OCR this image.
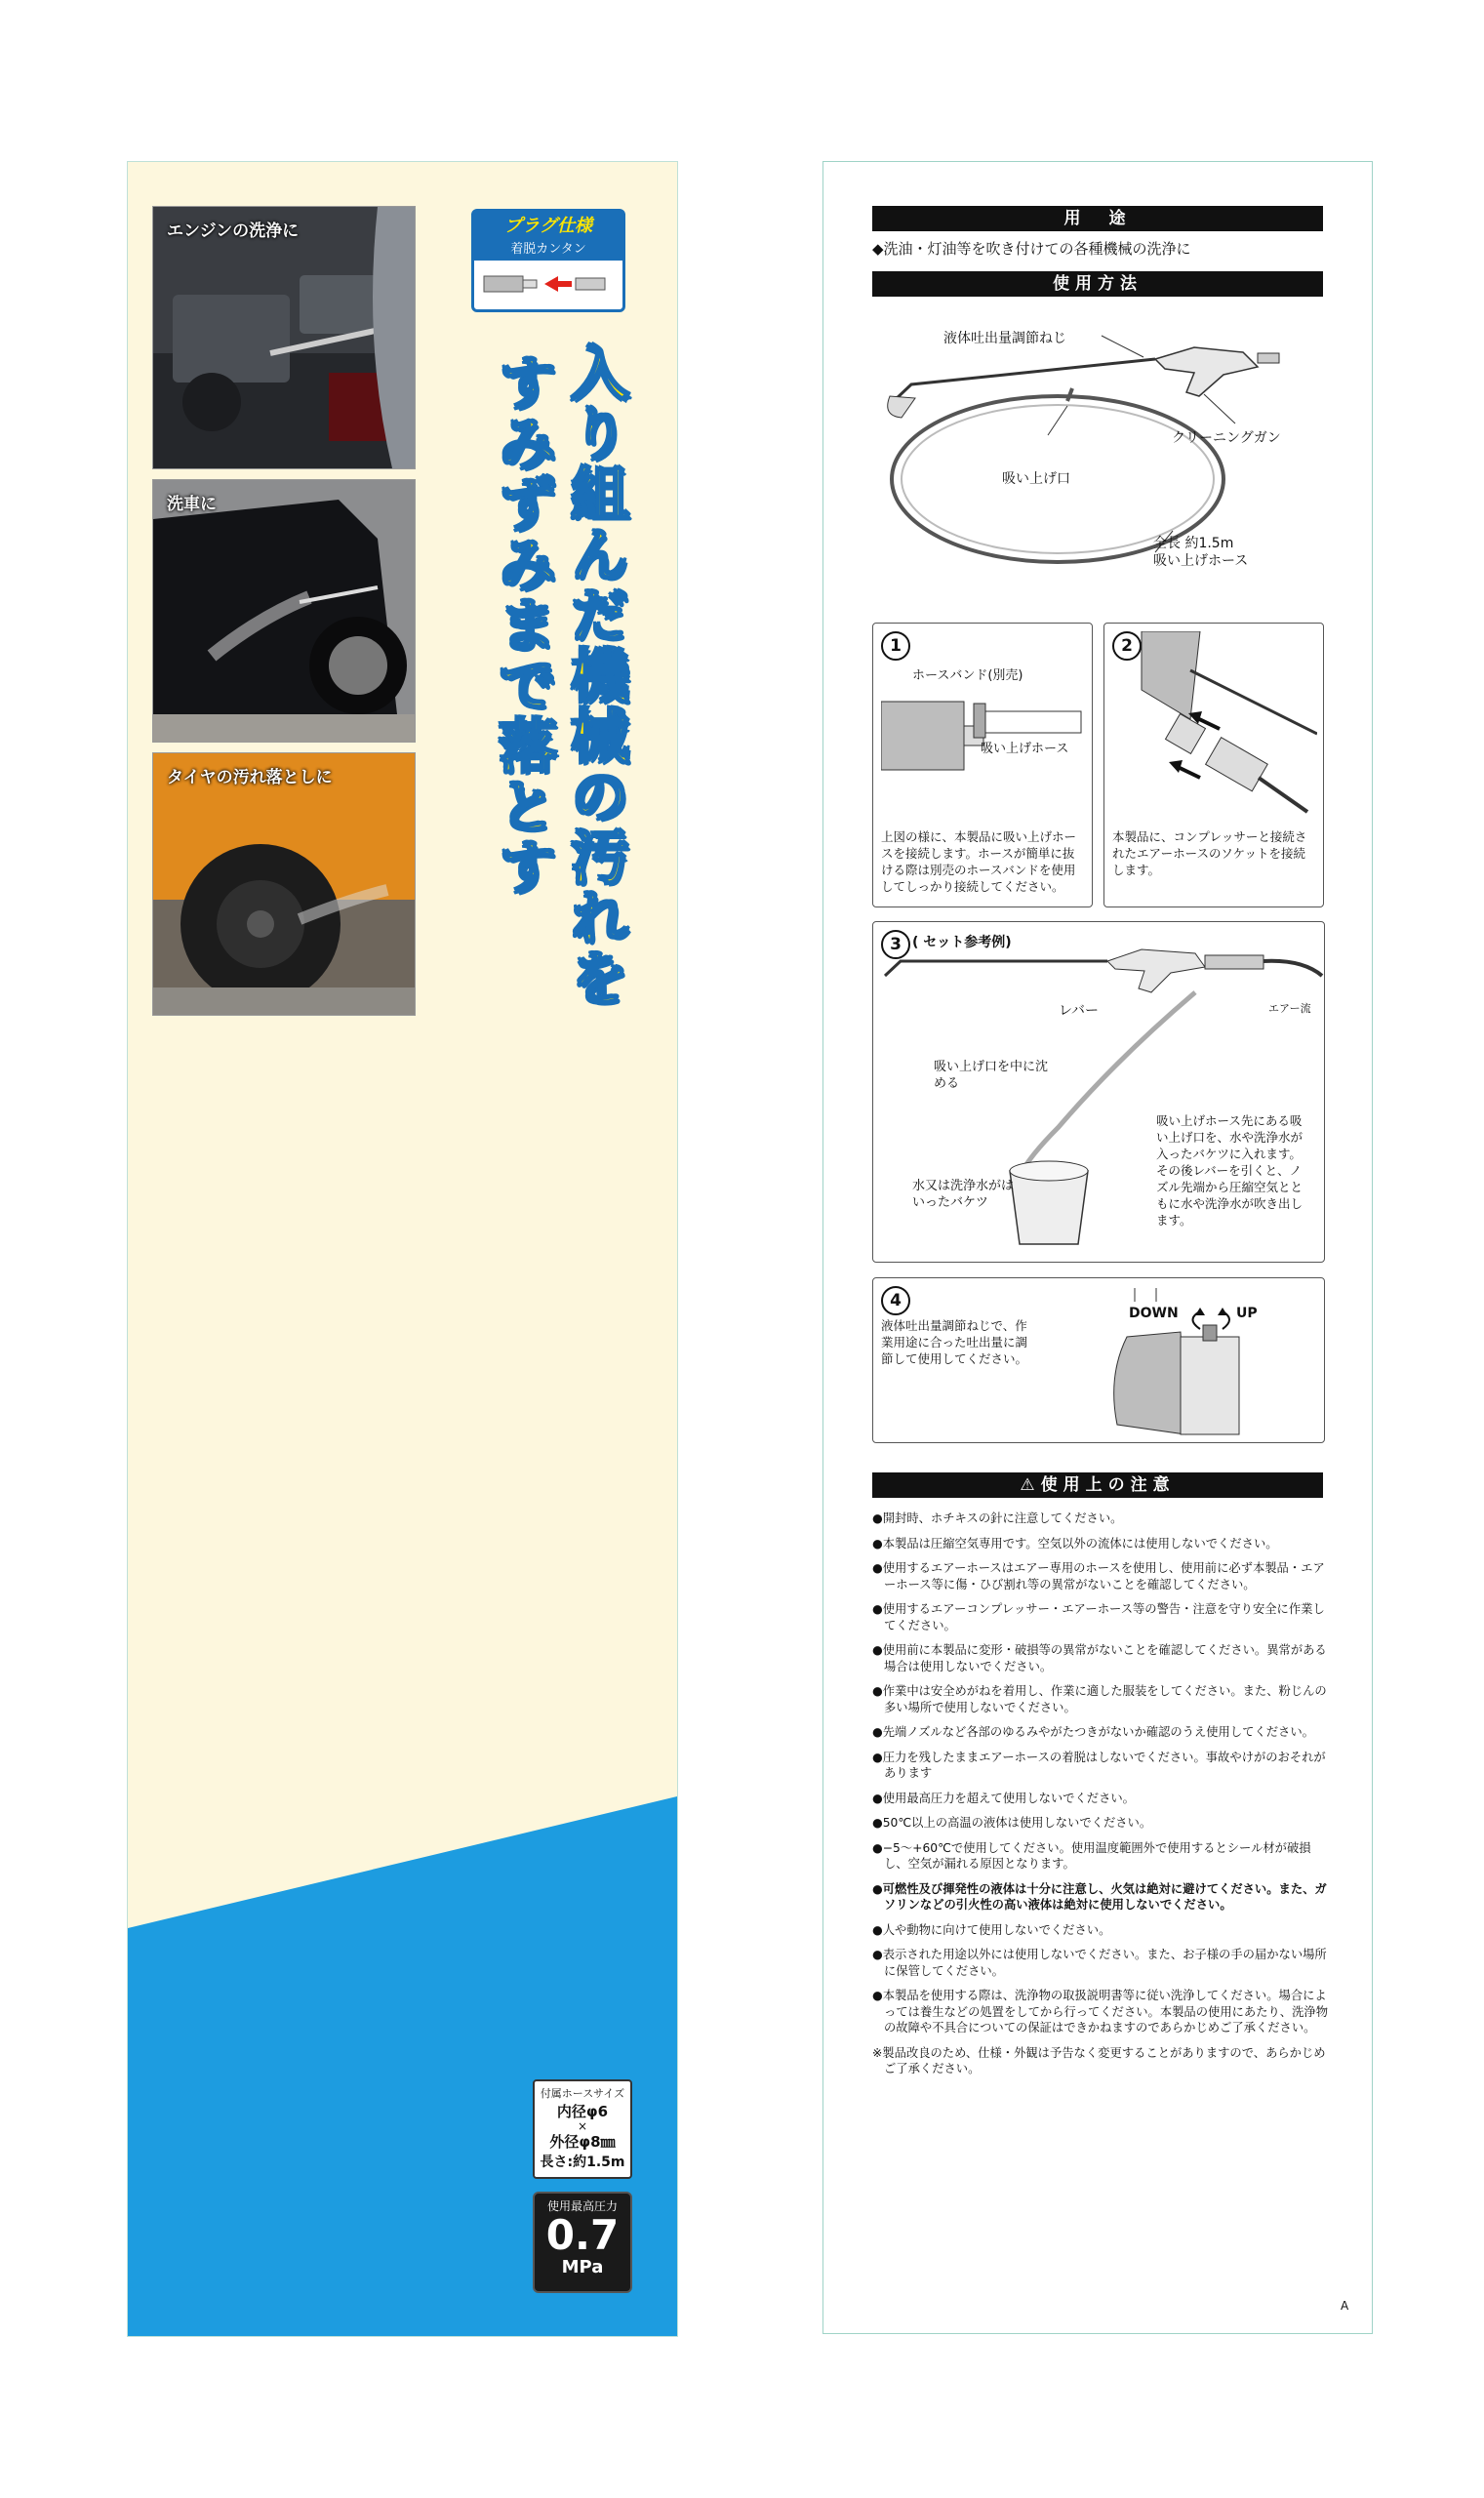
エンジンの洗浄に
洗車に
タイヤの汚れ落としに
プラグ仕様
着脱カンタン
入り組んだ機械の汚れを
すみずみまで落とす
付属ホースサイズ
内径φ6
×
外径φ8㎜
長さ:約1.5m
使用最高圧力
0.7
MPa
用　途
◆洗油・灯油等を吹き付けての各種機械の洗浄に
使用方法
液体吐出量調節ねじ
クリーニングガン
吸い上げ口
全長 約1.5m
吸い上げホース
1
ホースバンド(別売)
吸い上げホース
上図の様に、本製品に吸い上げホースを接続します。ホースが簡単に抜ける際は別売のホースバンドを使用してしっかり接続してください。
2
本製品に、コンプレッサーと接続されたエアーホースのソケットを接続します。
3 ( セット参考例)
レバー	エアー流
吸い上げ口を中に沈める
水又は洗浄水がはいったバケツ
吸い上げホース先にある吸い上げ口を、水や洗浄水が入ったバケツに入れます。その後レバーを引くと、ノズル先端から圧縮空気とともに水や洗浄水が吹き出します。
4
液体吐出量調節ねじで、作業用途に合った吐出量に調節して使用してください。
DOWN	UP
⚠使用上の注意
●開封時、ホチキスの針に注意してください。
●本製品は圧縮空気専用です。空気以外の流体には使用しないでください。
●使用するエアーホースはエアー専用のホースを使用し、使用前に必ず本製品・エアーホース等に傷・ひび割れ等の異常がないことを確認してください。
●使用するエアーコンプレッサー・エアーホース等の警告・注意を守り安全に作業してください。
●使用前に本製品に変形・破損等の異常がないことを確認してください。異常がある場合は使用しないでください。
●作業中は安全めがねを着用し、作業に適した服装をしてください。また、粉じんの多い場所で使用しないでください。
●先端ノズルなど各部のゆるみやがたつきがないか確認のうえ使用してください。
●圧力を残したままエアーホースの着脱はしないでください。事故やけがのおそれがあります
●使用最高圧力を超えて使用しないでください。
●50℃以上の高温の液体は使用しないでください。
●−5〜+60℃で使用してください。使用温度範囲外で使用するとシール材が破損し、空気が漏れる原因となります。
●可燃性及び揮発性の液体は十分に注意し、火気は絶対に避けてください。また、ガソリンなどの引火性の高い液体は絶対に使用しないでください。
●人や動物に向けて使用しないでください。
●表示された用途以外には使用しないでください。また、お子様の手の届かない場所に保管してください。
●本製品を使用する際は、洗浄物の取扱説明書等に従い洗浄してください。場合によっては養生などの処置をしてから行ってください。本製品の使用にあたり、洗浄物の故障や不具合についての保証はできかねますのであらかじめご了承ください。
※製品改良のため、仕様・外観は予告なく変更することがありますので、あらかじめご了承ください。
A
